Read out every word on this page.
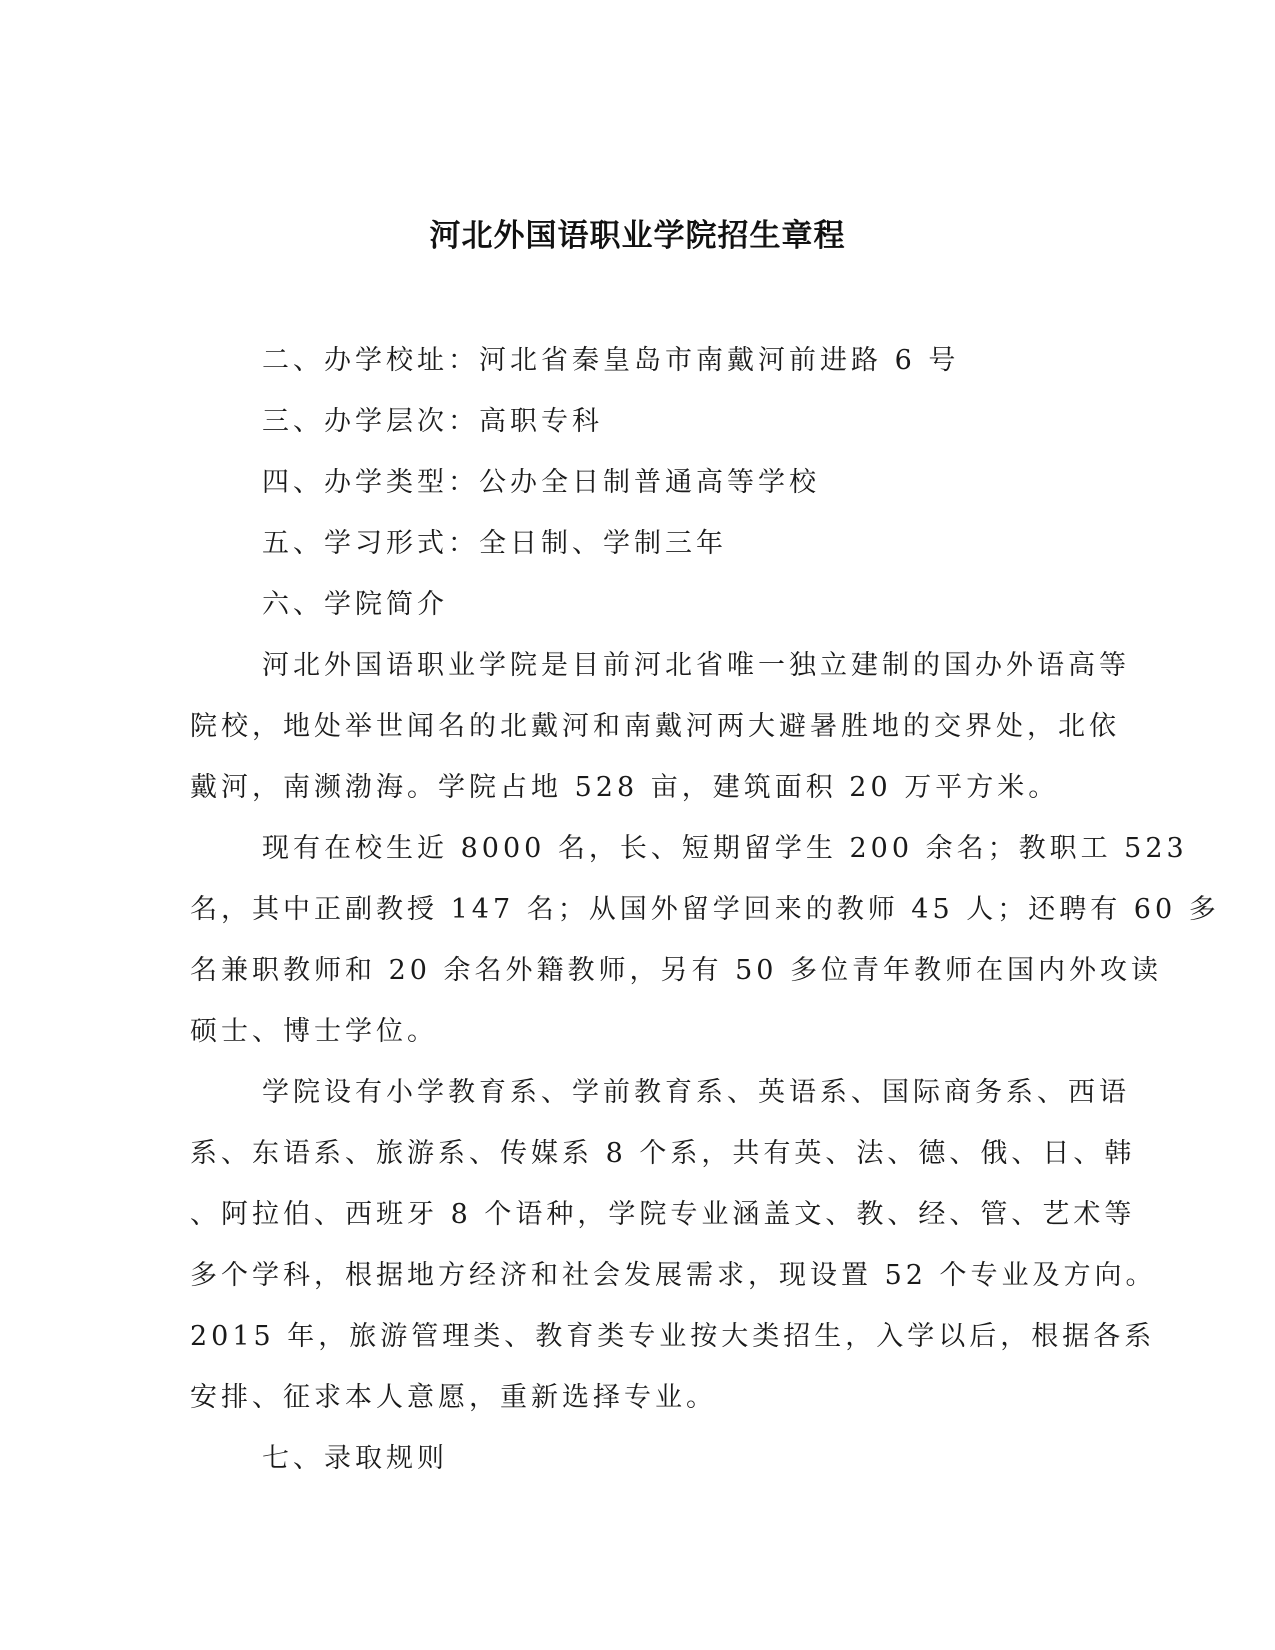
河北外国语职业学院招生章程

二、办学校址：河北省秦皇岛市南戴河前进路 6 号

三、办学层次：高职专科

四、办学类型：公办全日制普通高等学校

五、学习形式：全日制、学制三年

六、学院简介

河北外国语职业学院是目前河北省唯一独立建制的国办外语高等
院校，地处举世闻名的北戴河和南戴河两大避暑胜地的交界处，北依
戴河，南濒渤海。学院占地 528 亩，建筑面积 20 万平方米。
现有在校生近 8000 名，长、短期留学生 200 余名；教职工 523
名，其中正副教授 147 名；从国外留学回来的教师 45 人；还聘有 60 多
名兼职教师和 20 余名外籍教师，另有 50 多位青年教师在国内外攻读
硕士、博士学位。
学院设有小学教育系、学前教育系、英语系、国际商务系、西语
系、东语系、旅游系、传媒系 8 个系，共有英、法、德、俄、日、韩
、阿拉伯、西班牙 8 个语种，学院专业涵盖文、教、经、管、艺术等
多个学科，根据地方经济和社会发展需求，现设置 52 个专业及方向。
2015 年，旅游管理类、教育类专业按大类招生，入学以后，根据各系
安排、征求本人意愿，重新选择专业。

七、录取规则
